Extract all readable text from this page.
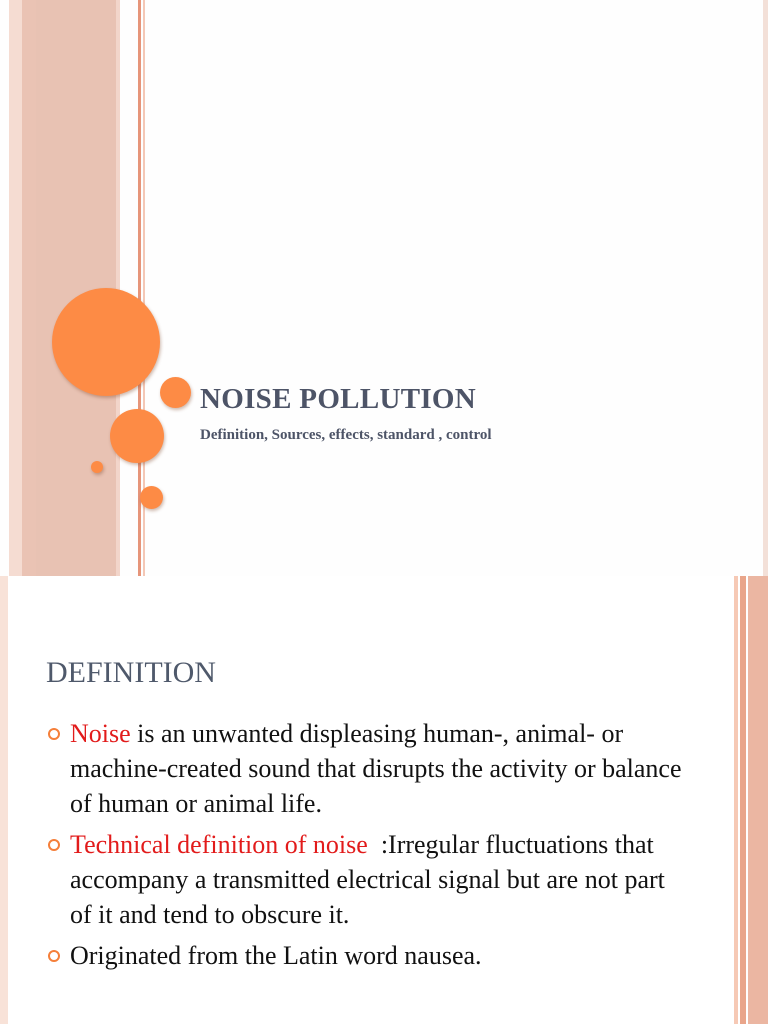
NOISE POLLUTION

Definition, Sources, effects, standard , control

DEFINITION
Noise is an unwanted displeasing human-, animal- or machine-created sound that disrupts the activity or balance of human or animal life.
Technical definition of noise  :Irregular fluctuations that accompany a transmitted electrical signal but are not part of it and tend to obscure it.
Originated from the Latin word nausea.
